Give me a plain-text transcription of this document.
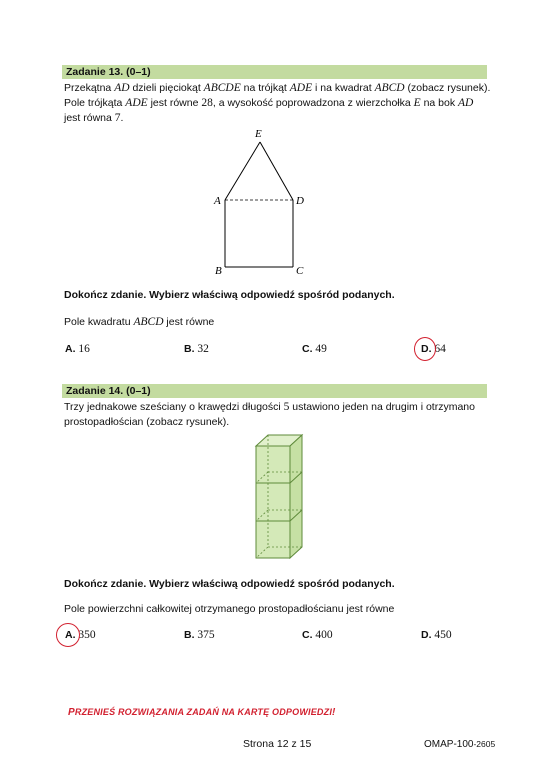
Zadanie 13. (0–1)
Przekątna AD dzieli pięciokąt ABCDE na trójkąt ADE i na kwadrat ABCD (zobacz rysunek).
Pole trójkąta ADE jest równe 28, a wysokość poprowadzona z wierzchołka E na bok AD
jest równa 7.
E
A	D
B	C
Dokończ zdanie. Wybierz właściwą odpowiedź spośród podanych.
Pole kwadratu ABCD jest równe
A. 16	B. 32	C. 49	D. 64
Zadanie 14. (0–1)
Trzy jednakowe sześciany o krawędzi długości 5 ustawiono jeden na drugim i otrzymano
prostopadłościan (zobacz rysunek).
Dokończ zdanie. Wybierz właściwą odpowiedź spośród podanych.
Pole powierzchni całkowitej otrzymanego prostopadłościanu jest równe
A. 350	B. 375	C. 400	D. 450
PRZENIEŚ ROZWIĄZANIA ZADAŃ NA KARTĘ ODPOWIEDZI!
Strona 12 z 15	OMAP-100-2605
